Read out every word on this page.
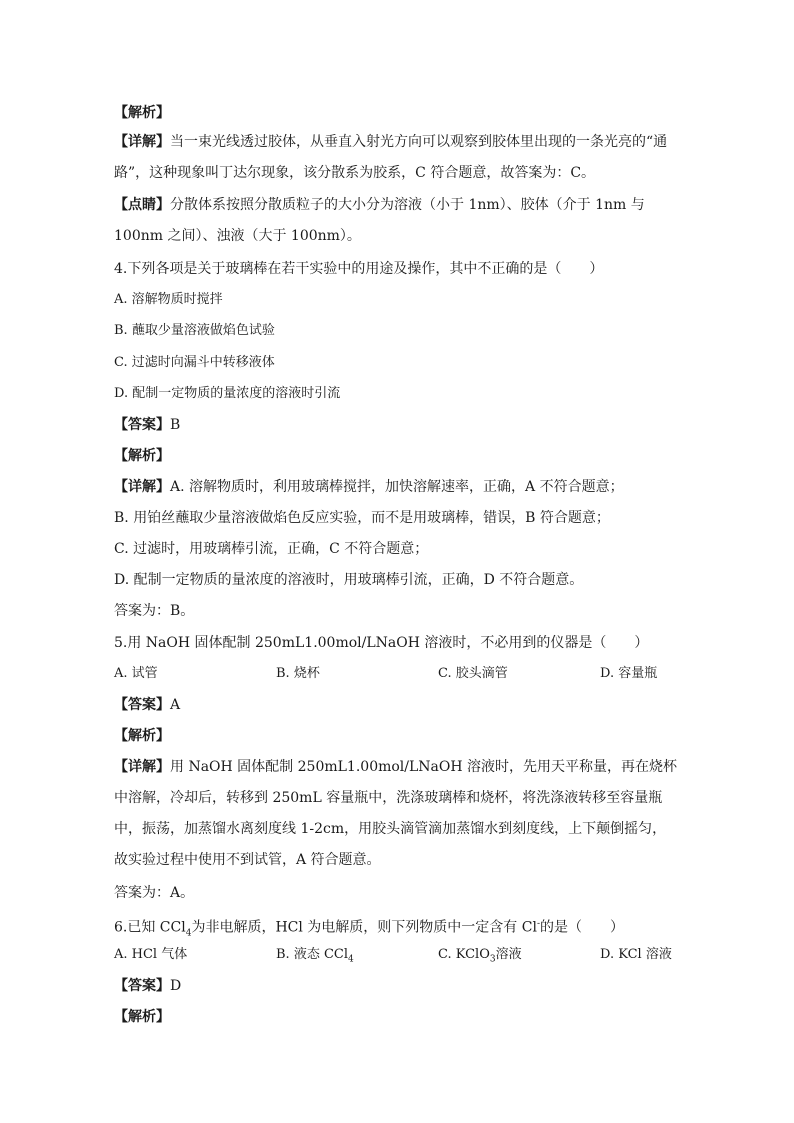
【解析】
【详解】当一束光线透过胶体，从垂直入射光方向可以观察到胶体里出现的一条光亮的“通路”，这种现象叫丁达尔现象，该分散系为胶系，C 符合题意，故答案为：C。
【点睛】分散体系按照分散质粒子的大小分为溶液（小于 1nm）、胶体（介于 1nm 与 100nm 之间）、浊液（大于 100nm）。
4.下列各项是关于玻璃棒在若干实验中的用途及操作，其中不正确的是（　　）
A. 溶解物质时搅拌
B. 蘸取少量溶液做焰色试验
C. 过滤时向漏斗中转移液体
D. 配制一定物质的量浓度的溶液时引流
【答案】B
【解析】
【详解】A. 溶解物质时，利用玻璃棒搅拌，加快溶解速率，正确，A 不符合题意；
B. 用铂丝蘸取少量溶液做焰色反应实验，而不是用玻璃棒，错误，B 符合题意；
C. 过滤时，用玻璃棒引流，正确，C 不符合题意；
D. 配制一定物质的量浓度的溶液时，用玻璃棒引流，正确，D 不符合题意。
答案为：B。
5.用 NaOH 固体配制 250mL1.00mol/LNaOH 溶液时，不必用到的仪器是（　　）
A. 试管	B. 烧杯	C. 胶头滴管	D. 容量瓶
【答案】A
【解析】
【详解】用 NaOH 固体配制 250mL1.00mol/LNaOH 溶液时，先用天平称量，再在烧杯中溶解，冷却后，转移到 250mL 容量瓶中，洗涤玻璃棒和烧杯，将洗涤液转移至容量瓶中，振荡，加蒸馏水离刻度线 1-2cm，用胶头滴管滴加蒸馏水到刻度线，上下颠倒摇匀，故实验过程中使用不到试管，A 符合题意。
答案为：A。
6.已知 CCl$_4$为非电解质，HCl 为电解质，则下列物质中一定含有 Cl-的是（　　）
A. HCl 气体	B. 液态 CCl$_4$	C. KClO$_3$溶液	D. KCl 溶液
【答案】D
【解析】
